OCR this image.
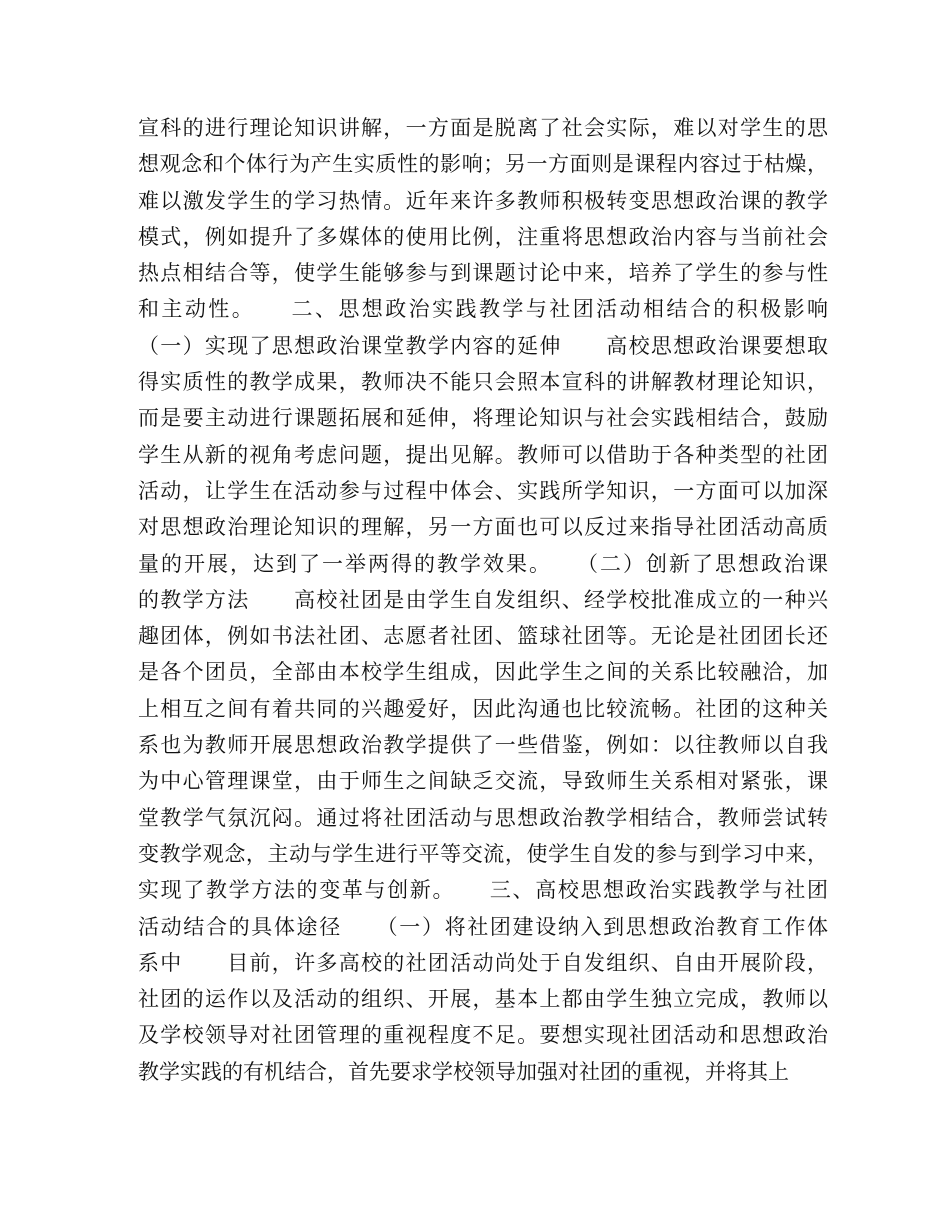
宣科的进行理论知识讲解，一方面是脱离了社会实际，难以对学生的思
想观念和个体行为产生实质性的影响；另一方面则是课程内容过于枯燥，
难以激发学生的学习热情。近年来许多教师积极转变思想政治课的教学
模式，例如提升了多媒体的使用比例，注重将思想政治内容与当前社会
热点相结合等，使学生能够参与到课题讨论中来，培养了学生的参与性
和主动性。　　二、思想政治实践教学与社团活动相结合的积极影响
（一）实现了思想政治课堂教学内容的延伸　　高校思想政治课要想取
得实质性的教学成果，教师决不能只会照本宣科的讲解教材理论知识，
而是要主动进行课题拓展和延伸，将理论知识与社会实践相结合，鼓励
学生从新的视角考虑问题，提出见解。教师可以借助于各种类型的社团
活动，让学生在活动参与过程中体会、实践所学知识，一方面可以加深
对思想政治理论知识的理解，另一方面也可以反过来指导社团活动高质
量的开展，达到了一举两得的教学效果。　　（二）创新了思想政治课
的教学方法　　高校社团是由学生自发组织、经学校批准成立的一种兴
趣团体，例如书法社团、志愿者社团、篮球社团等。无论是社团团长还
是各个团员，全部由本校学生组成，因此学生之间的关系比较融洽，加
上相互之间有着共同的兴趣爱好，因此沟通也比较流畅。社团的这种关
系也为教师开展思想政治教学提供了一些借鉴，例如：以往教师以自我
为中心管理课堂，由于师生之间缺乏交流，导致师生关系相对紧张，课
堂教学气氛沉闷。通过将社团活动与思想政治教学相结合，教师尝试转
变教学观念，主动与学生进行平等交流，使学生自发的参与到学习中来，
实现了教学方法的变革与创新。　　三、高校思想政治实践教学与社团
活动结合的具体途径　　（一）将社团建设纳入到思想政治教育工作体
系中　　目前，许多高校的社团活动尚处于自发组织、自由开展阶段，
社团的运作以及活动的组织、开展，基本上都由学生独立完成，教师以
及学校领导对社团管理的重视程度不足。要想实现社团活动和思想政治
教学实践的有机结合，首先要求学校领导加强对社团的重视，并将其上
